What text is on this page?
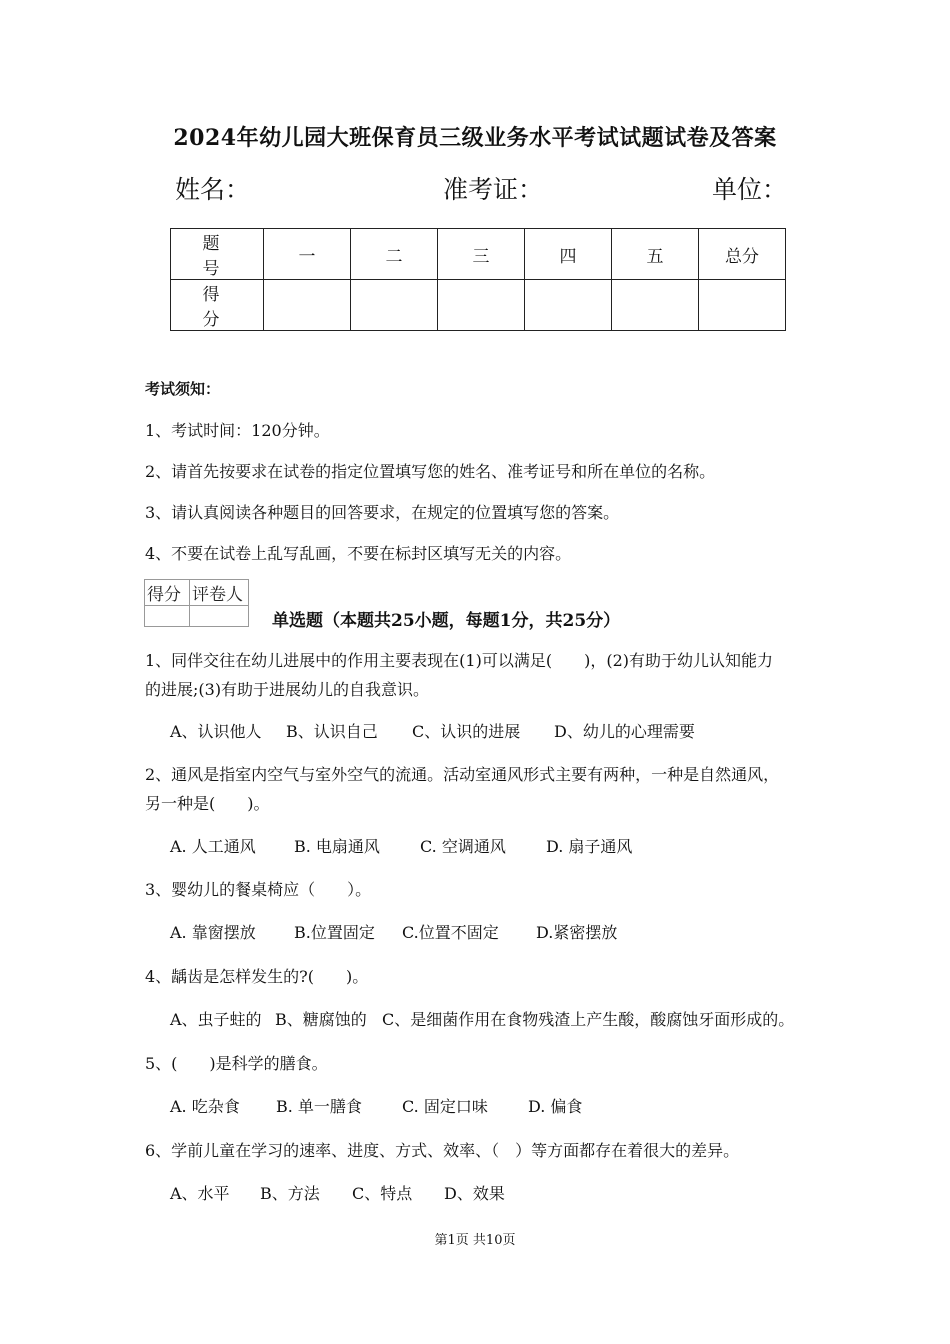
2024年幼儿园大班保育员三级业务水平考试试题试卷及答案
姓名：	准考证：	单位：
题　号	一	二	三	四	五	总分
得　分						
考试须知：
1、考试时间：120分钟。
2、请首先按要求在试卷的指定位置填写您的姓名、准考证号和所在单位的名称。
3、请认真阅读各种题目的回答要求，在规定的位置填写您的答案。
4、不要在试卷上乱写乱画，不要在标封区填写无关的内容。
得分	评卷人

单选题（本题共25小题，每题1分，共25分）
1、同伴交往在幼儿进展中的作用主要表现在(1)可以满足(　　)，(2)有助于幼儿认知能力
的进展;(3)有助于进展幼儿的自我意识。
A、认识他人 B、认识自己 C、认识的进展 D、幼儿的心理需要
2、通风是指室内空气与室外空气的流通。活动室通风形式主要有两种，一种是自然通风，
另一种是(　　)。
A. 人工通风 B. 电扇通风	C. 空调通风	D. 扇子通风
3、婴幼儿的餐桌椅应（　　）。
A. 靠窗摆放 B.位置固定 C.位置不固定 D.紧密摆放
4、龋齿是怎样发生的?(　　)。
A、虫子蛀的 B、糖腐蚀的 C、是细菌作用在食物残渣上产生酸，酸腐蚀牙面形成的。
5、(　　)是科学的膳食。
A. 吃杂食 B. 单一膳食	C. 固定口味	D. 偏食
6、学前儿童在学习的速率、进度、方式、效率、（　）等方面都存在着很大的差异。
A、水平 B、方法 C、特点 D、效果
第1页 共10页
